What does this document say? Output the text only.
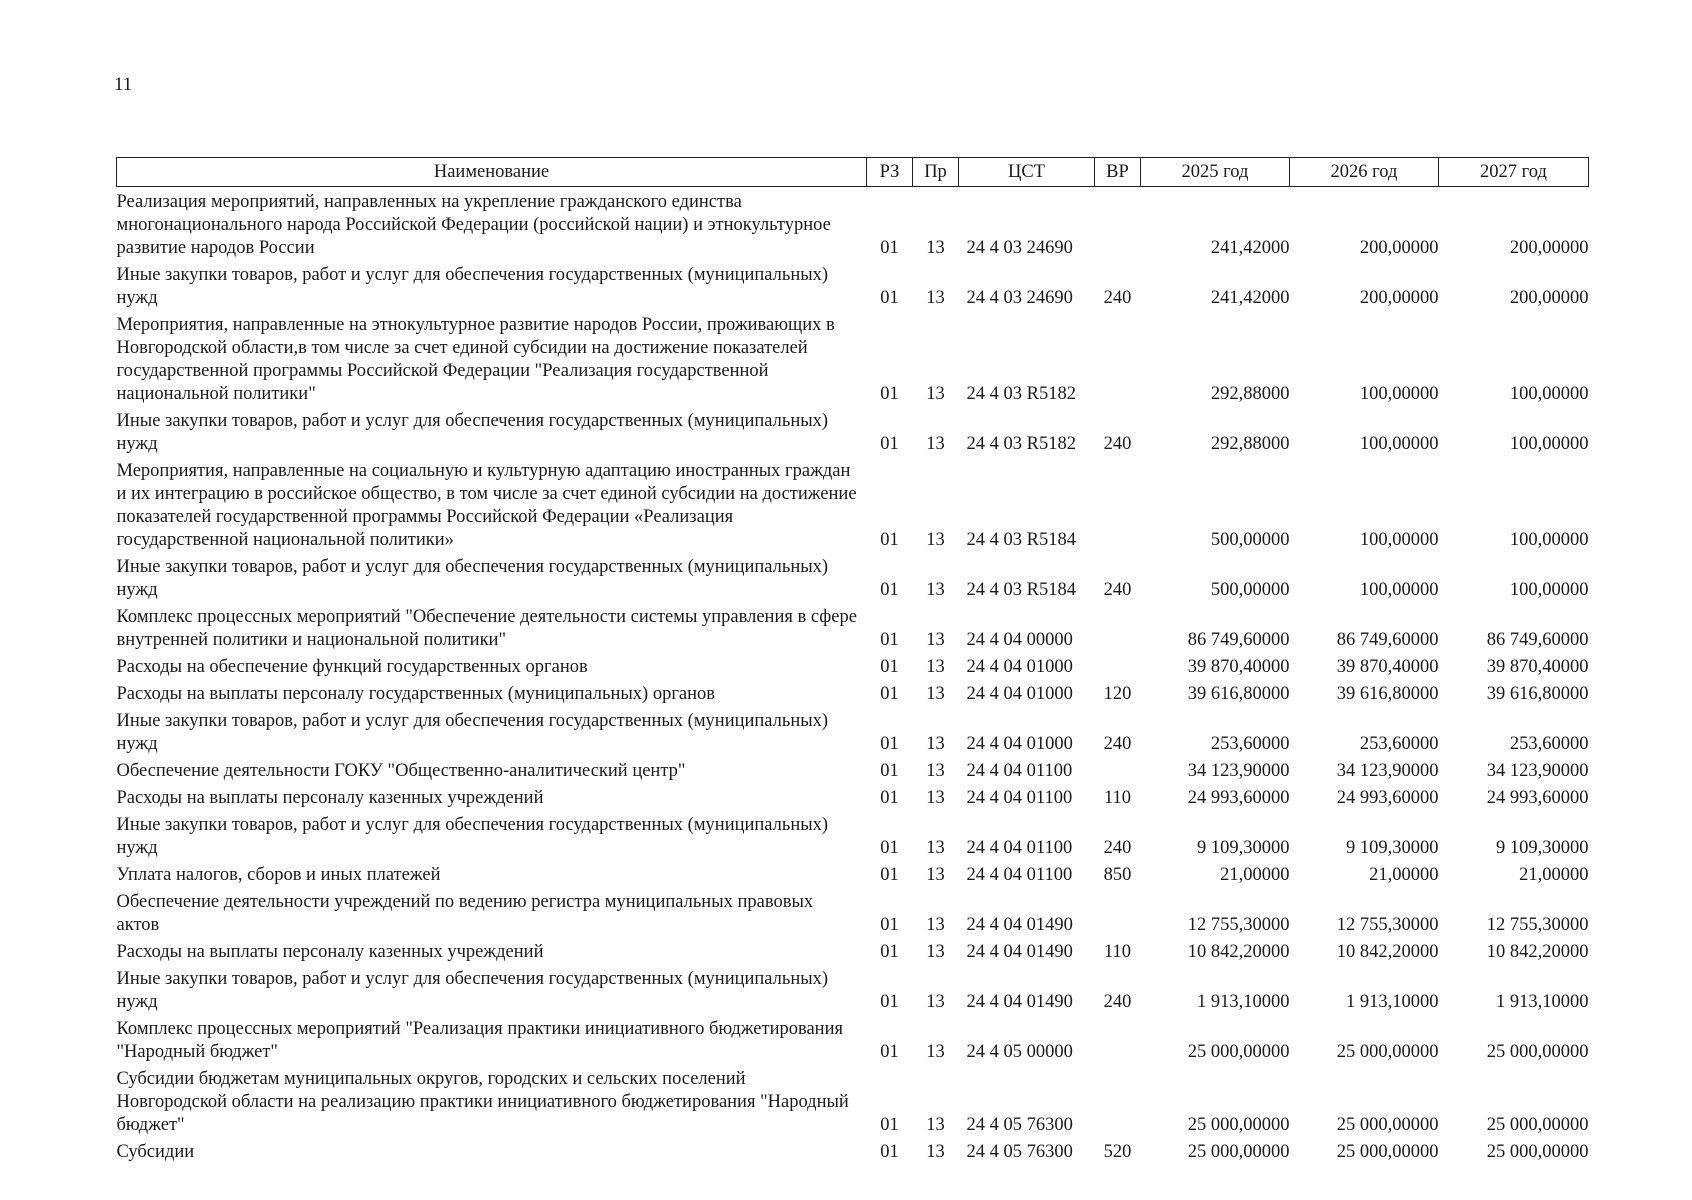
11
Наименование	РЗ	Пр	ЦСТ	ВР	2025 год	2026 год	2027 год
Реализация мероприятий, направленных на укрепление гражданского единства многонационального народа Российской Федерации (российской нации) и этнокультурное развитие народов России	01	13	24 4 03 24690		241,42000	200,00000	200,00000
Иные закупки товаров, работ и услуг для обеспечения государственных (муниципальных) нужд	01	13	24 4 03 24690	240	241,42000	200,00000	200,00000
Мероприятия, направленные на этнокультурное развитие народов России, проживающих в Новгородской области,в том числе за счет единой субсидии на достижение показателей государственной программы Российской Федерации "Реализация государственной национальной политики"	01	13	24 4 03 R5182		292,88000	100,00000	100,00000
Иные закупки товаров, работ и услуг для обеспечения государственных (муниципальных) нужд	01	13	24 4 03 R5182	240	292,88000	100,00000	100,00000
Мероприятия, направленные на социальную и культурную адаптацию иностранных граждан и их интеграцию в российское общество, в том числе за счет единой субсидии на достижение показателей государственной программы Российской Федерации «Реализация государственной национальной политики»	01	13	24 4 03 R5184		500,00000	100,00000	100,00000
Иные закупки товаров, работ и услуг для обеспечения государственных (муниципальных) нужд	01	13	24 4 03 R5184	240	500,00000	100,00000	100,00000
Комплекс процессных мероприятий "Обеспечение деятельности системы управления в сфере внутренней политики и национальной политики"	01	13	24 4 04 00000		86 749,60000	86 749,60000	86 749,60000
Расходы на обеспечение функций государственных органов	01	13	24 4 04 01000		39 870,40000	39 870,40000	39 870,40000
Расходы на выплаты персоналу государственных (муниципальных) органов	01	13	24 4 04 01000	120	39 616,80000	39 616,80000	39 616,80000
Иные закупки товаров, работ и услуг для обеспечения государственных (муниципальных) нужд	01	13	24 4 04 01000	240	253,60000	253,60000	253,60000
Обеспечение деятельности ГОКУ "Общественно-аналитический центр"	01	13	24 4 04 01100		34 123,90000	34 123,90000	34 123,90000
Расходы на выплаты персоналу казенных учреждений	01	13	24 4 04 01100	110	24 993,60000	24 993,60000	24 993,60000
Иные закупки товаров, работ и услуг для обеспечения государственных (муниципальных) нужд	01	13	24 4 04 01100	240	9 109,30000	9 109,30000	9 109,30000
Уплата налогов, сборов и иных платежей	01	13	24 4 04 01100	850	21,00000	21,00000	21,00000
Обеспечение деятельности учреждений по ведению регистра муниципальных правовых актов	01	13	24 4 04 01490		12 755,30000	12 755,30000	12 755,30000
Расходы на выплаты персоналу казенных учреждений	01	13	24 4 04 01490	110	10 842,20000	10 842,20000	10 842,20000
Иные закупки товаров, работ и услуг для обеспечения государственных (муниципальных) нужд	01	13	24 4 04 01490	240	1 913,10000	1 913,10000	1 913,10000
Комплекс процессных мероприятий "Реализация практики инициативного бюджетирования "Народный бюджет"	01	13	24 4 05 00000		25 000,00000	25 000,00000	25 000,00000
Субсидии бюджетам муниципальных округов, городских и сельских поселений Новгородской области на реализацию практики инициативного бюджетирования "Народный бюджет"	01	13	24 4 05 76300		25 000,00000	25 000,00000	25 000,00000
Субсидии	01	13	24 4 05 76300	520	25 000,00000	25 000,00000	25 000,00000
